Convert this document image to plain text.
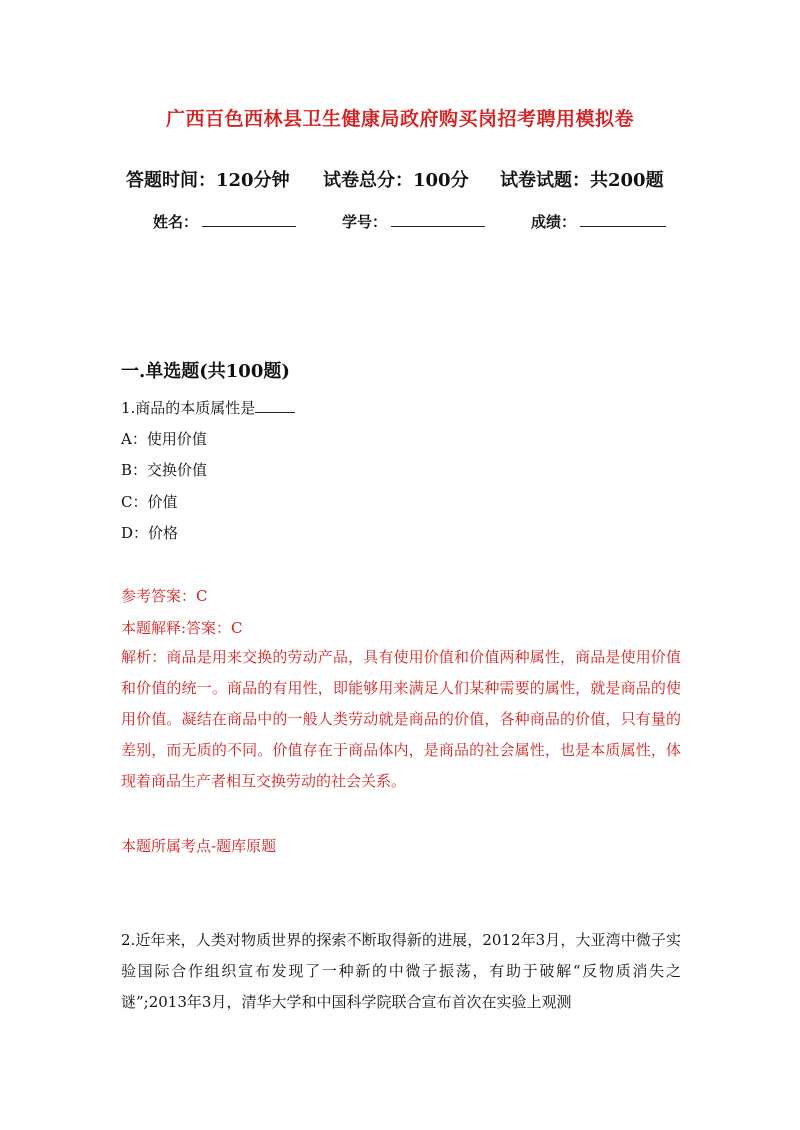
广西百色西林县卫生健康局政府购买岗招考聘用模拟卷
答题时间：120分钟 试卷总分：100分 试卷试题：共200题
姓名：	学号：	成绩：
一.单选题(共100题)
1.商品的本质属性是
A：使用价值
B：交换价值
C：价值
D：价格
参考答案：C
本题解释:答案：C
解析：商品是用来交换的劳动产品，具有使用价值和价值两种属性，商品是使用价值和价值的统一。商品的有用性，即能够用来满足人们某种需要的属性，就是商品的使用价值。凝结在商品中的一般人类劳动就是商品的价值，各种商品的价值，只有量的差别，而无质的不同。价值存在于商品体内，是商品的社会属性，也是本质属性，体现着商品生产者相互交换劳动的社会关系。
本题所属考点-题库原题
2.近年来，人类对物质世界的探索不断取得新的进展，2012年3月，大亚湾中微子实验国际合作组织宣布发现了一种新的中微子振荡，有助于破解“反物质消失之谜”;2013年3月，清华大学和中国科学院联合宣布首次在实验上观测
